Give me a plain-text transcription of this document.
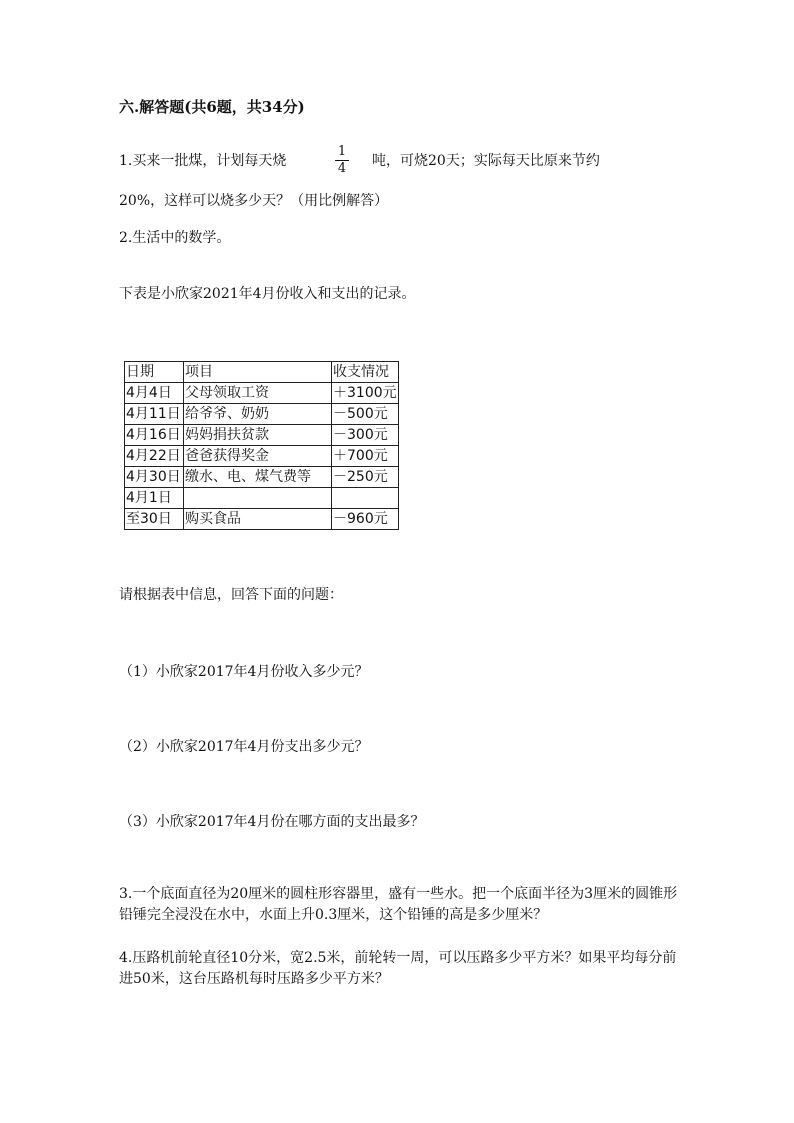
六.解答题(共6题，共34分)
1.买来一批煤，计划每天烧
1
4	吨，可烧20天；实际每天比原来节约
20%，这样可以烧多少天？（用比例解答）
2.生活中的数学。
下表是小欣家2021年4月份收入和支出的记录。
日期	项目	收支情况
4月4日	父母领取工资	＋3100元
4月11日	给爷爷、奶奶	－500元
4月16日	妈妈捐扶贫款	－300元
4月22日	爸爸获得奖金	＋700元
4月30日	缴水、电、煤气费等	－250元
4月1日		
至30日	购买食品	－960元
请根据表中信息，回答下面的问题：
（1）小欣家2017年4月份收入多少元？
（2）小欣家2017年4月份支出多少元？
（3）小欣家2017年4月份在哪方面的支出最多？
3.一个底面直径为20厘米的圆柱形容器里，盛有一些水。把一个底面半径为3厘米的圆锥形铅锤完全浸没在水中，水面上升0.3厘米，这个铅锤的高是多少厘米？
4.压路机前轮直径10分米，宽2.5米，前轮转一周，可以压路多少平方米？如果平均每分前进50米，这台压路机每时压路多少平方米？
